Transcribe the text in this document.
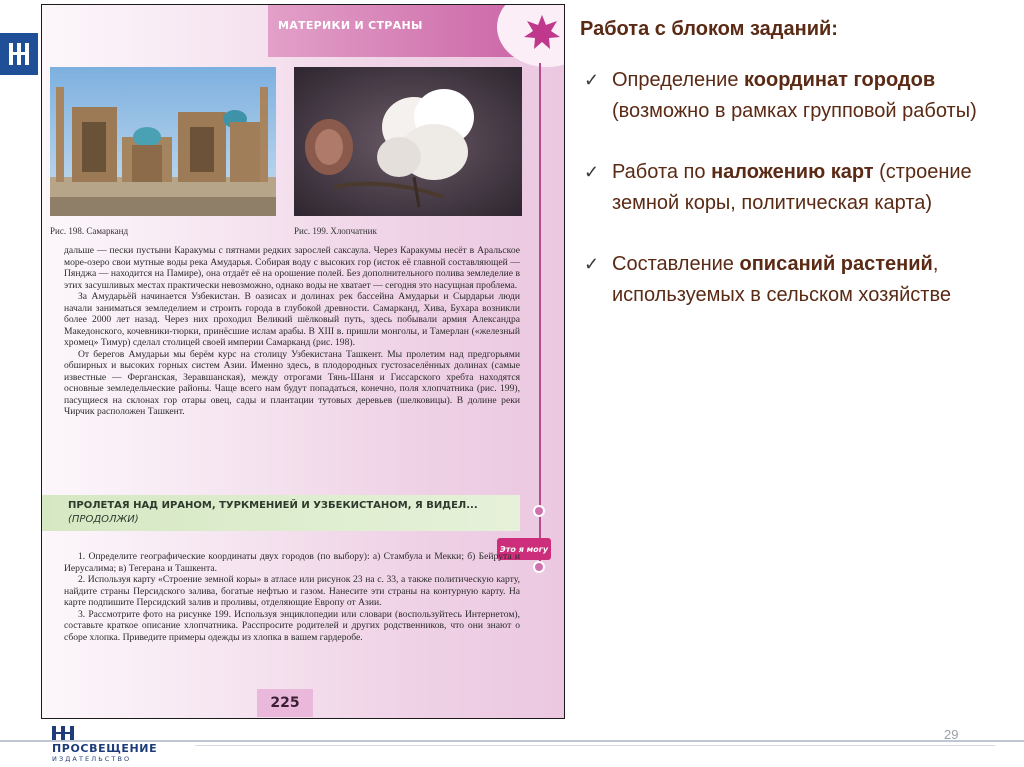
МАТЕРИКИ И СТРАНЫ
Рис. 198. Самарканд	Рис. 199. Хлопчатник

дальше — пески пустыни Каракумы с пятнами редких зарослей саксаула. Через Каракумы несёт в Аральское море-озеро свои мутные воды река Амударья. Собирая воду с высоких гор (исток её главной составляющей — Пянджа — находится на Памире), она отдаёт её на орошение полей. Без дополнительного полива земледелие в этих засушливых местах практически невозможно, однако воды не хватает — сегодня это насущная проблема.

За Амударьёй начинается Узбекистан. В оазисах и долинах рек бассейна Амударьи и Сырдарьи люди начали заниматься земледелием и строить города в глубокой древности. Самарканд, Хива, Бухара возникли более 2000 лет назад. Через них проходил Великий шёлковый путь, здесь побывали армия Александра Македонского, кочевники-тюрки, принёсшие ислам арабы. В XIII в. пришли монголы, и Тамерлан («железный хромец» Тимур) сделал столицей своей империи Самарканд (рис. 198).

От берегов Амударьи мы берём курс на столицу Узбекистана Ташкент. Мы пролетим над предгорьями обширных и высоких горных систем Азии. Именно здесь, в плодородных густозаселённых долинах (самые известные — Ферганская, Зеравшанская), между отрогами Тянь-Шаня и Гиссарского хребта находятся основные земледельческие районы. Чаще всего нам будут попадаться, конечно, поля хлопчатника (рис. 199), пасущиеся на склонах гор отары овец, сады и плантации тутовых деревьев (шелковицы). В долине реки Чирчик расположен Ташкент.

ПРОЛЕТАЯ НАД ИРАНОМ, ТУРКМЕНИЕЙ И УЗБЕКИСТАНОМ, Я ВИДЕЛ...
(ПРОДОЛЖИ)
Это я могу

1. Определите географические координаты двух городов (по выбору): а) Стамбула и Мекки; б) Бейрута и Иерусалима; в) Тегерана и Ташкента.

2. Используя карту «Строение земной коры» в атласе или рисунок 23 на с. 33, а также политическую карту, найдите страны Персидского залива, богатые нефтью и газом. Нанесите эти страны на контурную карту. На карте подпишите Персидский залив и проливы, отделяющие Европу от Азии.

3. Рассмотрите фото на рисунке 199. Используя энциклопедии или словари (воспользуйтесь Интернетом), составьте краткое описание хлопчатника. Расспросите родителей и других родственников, что они знают о сборе хлопка. Приведите примеры одежды из хлопка в вашем гардеробе.

225
Работа с блоком заданий:
✓ Определение координат городов (возможно в рамках групповой работы)
✓ Работа по наложению карт (строение земной коры, политическая карта)
✓ Составление описаний растений, используемых в сельском хозяйстве
ПРОСВЕЩЕНИЕ
ИЗДАТЕЛЬСТВО
29
